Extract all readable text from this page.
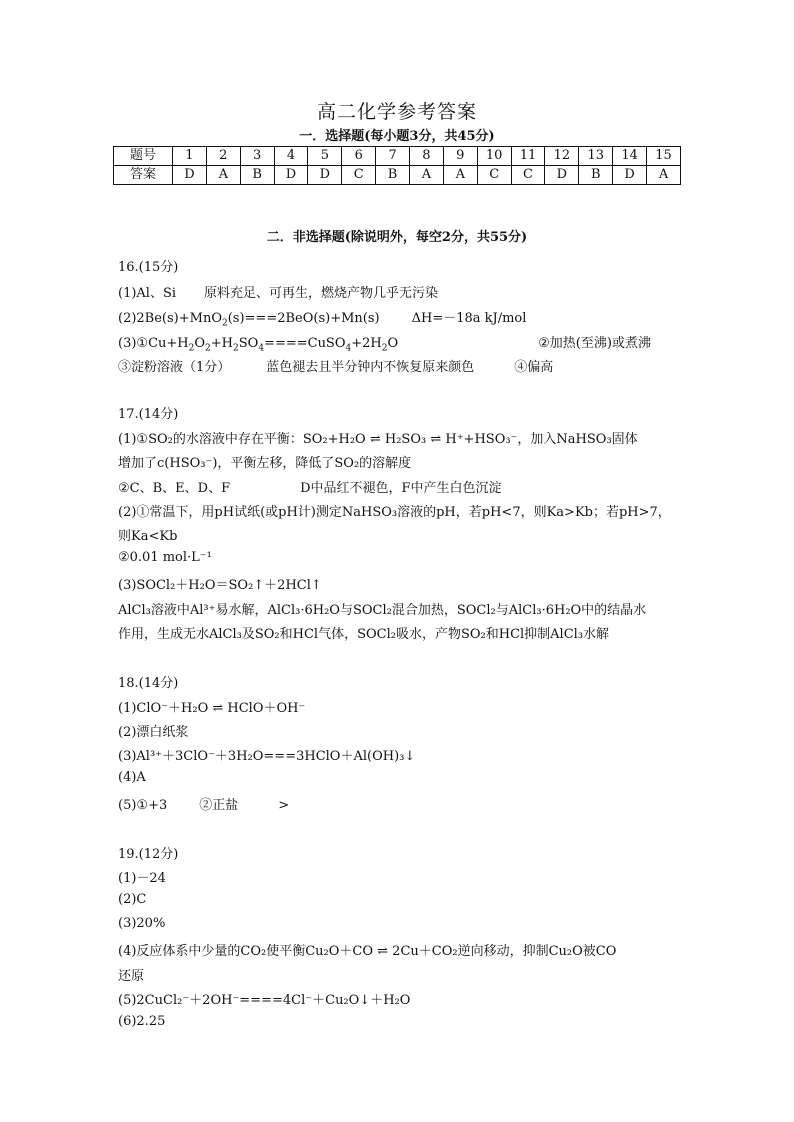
高二化学参考答案
一．选择题(每小题3分，共45分)
题号	1	2	3	4	5	6	7	8	9	10	11	12	13	14	15
答案	D	A	B	D	D	C	B	A	A	C	C	D	B	D	A
二．非选择题(除说明外，每空2分，共55分)
16.(15分)
(1)Al、Si 原料充足、可再生，燃烧产物几乎无污染
(2)2Be(s)+MnO$_2$(s)===2BeO(s)+Mn(s) ΔH=－18a kJ/mol
$(3)①Cu+H_2O_2+H_2SO_4====CuSO_4+2H_2O$	②加热(至沸)或煮沸
③淀粉溶液（1分）	蓝色褪去且半分钟内不恢复原来颜色	④偏高
17.(14分)
(1)①SO₂的水溶液中存在平衡：SO₂+H₂O ⇌ H₂SO₃ ⇌ H⁺+HSO₃⁻，加入NaHSO₃固体
增加了c(HSO₃⁻)，平衡左移，降低了SO₂的溶解度
②C、B、E、D、F	D中品红不褪色，F中产生白色沉淀
(2)①常温下，用pH试纸(或pH计)测定NaHSO₃溶液的pH，若pH<7，则Ka>Kb；若pH>7，
则Ka<Kb
②0.01 mol·L⁻¹
(3)SOCl₂＋H₂O＝SO₂↑＋2HCl↑
AlCl₃溶液中Al³⁺易水解，AlCl₃·6H₂O与SOCl₂混合加热，SOCl₂与AlCl₃·6H₂O中的结晶水
作用，生成无水AlCl₃及SO₂和HCl气体，SOCl₂吸水，产物SO₂和HCl抑制AlCl₃水解
18.(14分)
(1)ClO⁻＋H₂O ⇌ HClO＋OH⁻
(2)漂白纸浆
(3)Al³⁺＋3ClO⁻＋3H₂O===3HClO＋Al(OH)₃↓
(4)A
(5)①+3 ②正盐	>
19.(12分)
(1)－24
(2)C
(3)20%
(4)反应体系中少量的CO₂使平衡Cu₂O＋CO ⇌ 2Cu＋CO₂逆向移动，抑制Cu₂O被CO
还原
(5)2CuCl₂⁻＋2OH⁻====4Cl⁻＋Cu₂O↓＋H₂O
(6)2.25
